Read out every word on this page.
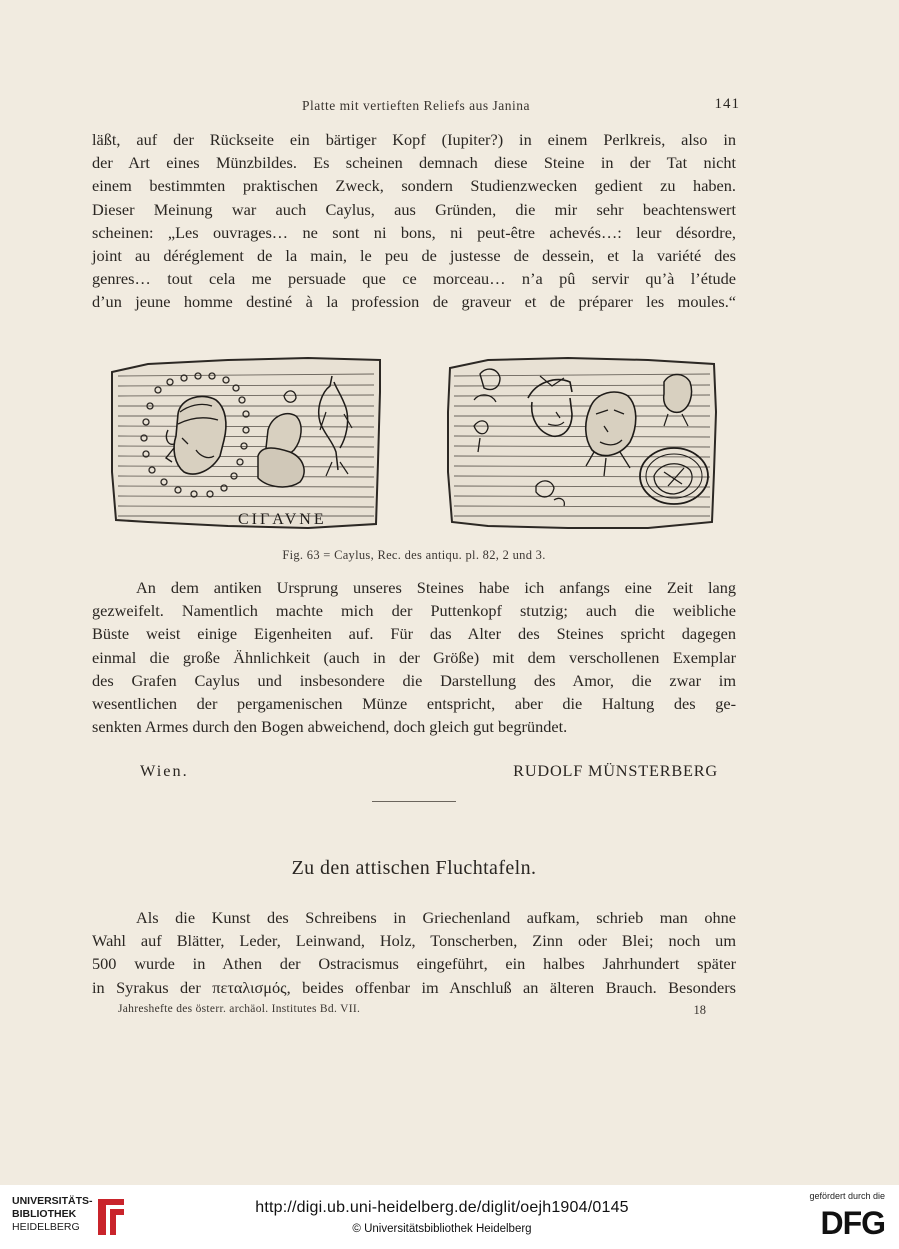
Platte mit vertieften Reliefs aus Janina	141

läßt, auf der Rückseite ein bärtiger Kopf (Iupiter?) in einem Perlkreis, also in

der Art eines Münzbildes. Es scheinen demnach diese Steine in der Tat nicht

einem bestimmten praktischen Zweck, sondern Studienzwecken gedient zu haben.

Dieser Meinung war auch Caylus, aus Gründen, die mir sehr beachtenswert

scheinen: „Les ouvrages… ne sont ni bons, ni peut-être achevés…: leur désordre,

joint au déréglement de la main, le peu de justesse de dessein, et la variété des

genres… tout cela me persuade que ce morceau… n’a pû servir qu’à l’étude

d’un jeune homme destiné à la profession de graveur et de préparer les moules.“

CIΓAVNE
Fig. 63 = Caylus, Rec. des antiqu. pl. 82, 2 und 3.

An dem antiken Ursprung unseres Steines habe ich anfangs eine Zeit lang

gezweifelt. Namentlich machte mich der Puttenkopf stutzig; auch die weibliche

Büste weist einige Eigenheiten auf. Für das Alter des Steines spricht dagegen

einmal die große Ähnlichkeit (auch in der Größe) mit dem verschollenen Exemplar

des Grafen Caylus und insbesondere die Darstellung des Amor, die zwar im

wesentlichen der pergamenischen Münze entspricht, aber die Haltung des ge-

senkten Armes durch den Bogen abweichend, doch gleich gut begründet.

Wien.	RUDOLF MÜNSTERBERG
Zu den attischen Fluchtafeln.

Als die Kunst des Schreibens in Griechenland aufkam, schrieb man ohne

Wahl auf Blätter, Leder, Leinwand, Holz, Tonscherben, Zinn oder Blei; noch um

500 wurde in Athen der Ostracismus eingeführt, ein halbes Jahrhundert später

in Syrakus der πεταλισμός, beides offenbar im Anschluß an älteren Brauch. Besonders

Jahreshefte des österr. archäol. Institutes Bd. VII.	18
UNIVERSITÄTS-
BIBLIOTHEK
HEIDELBERG
http://digi.ub.uni-heidelberg.de/diglit/oejh1904/0145
© Universitätsbibliothek Heidelberg
gefördert durch die
DFG
